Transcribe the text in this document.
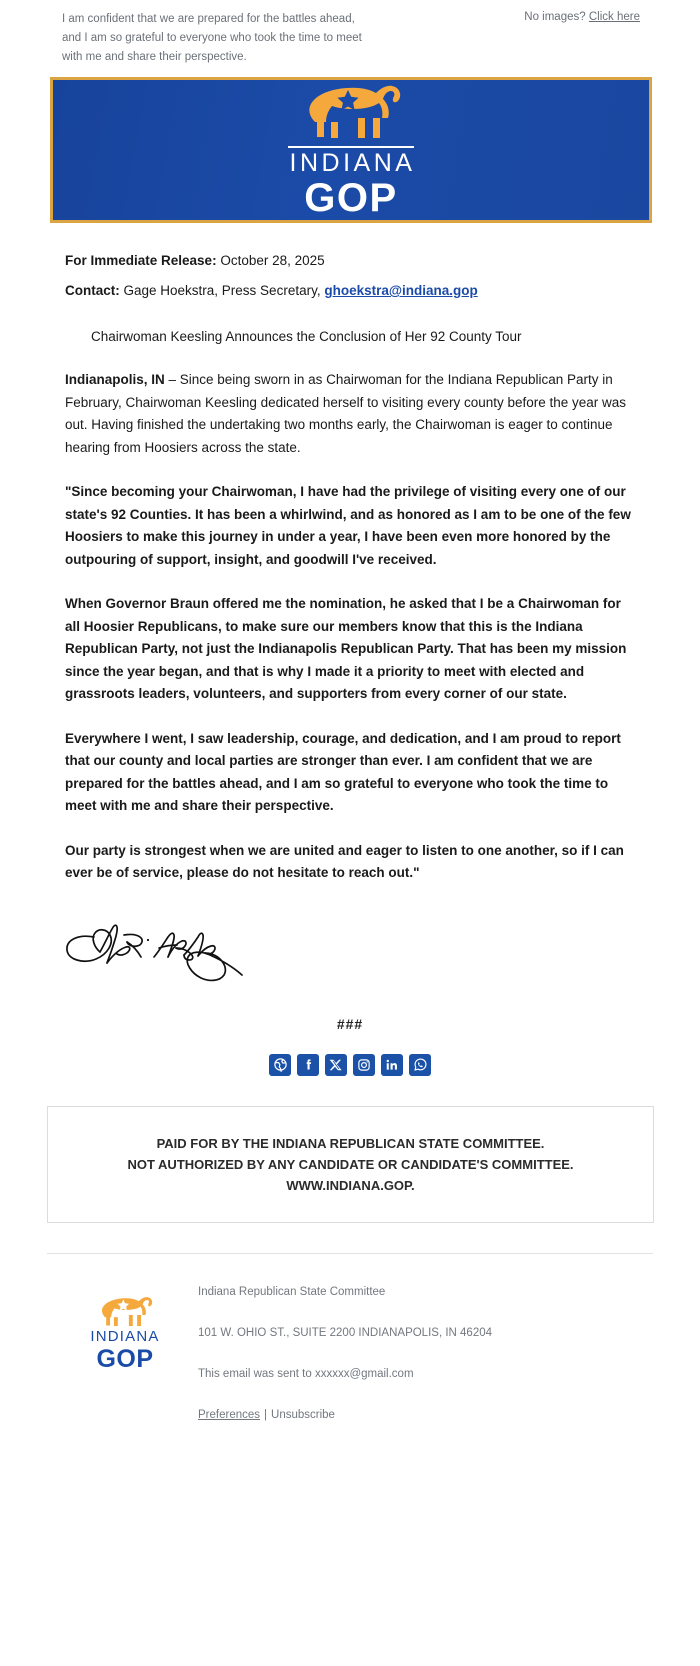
I am confident that we are prepared for the battles ahead, and I am so grateful to everyone who took the time to meet with me and share their perspective.
No images? Click here
INDIANA
GOP

For Immediate Release: October 28, 2025

Contact: Gage Hoekstra, Press Secretary, ghoekstra@indiana.gop

Chairwoman Keesling Announces the Conclusion of Her 92 County Tour

Indianapolis, IN – Since being sworn in as Chairwoman for the Indiana Republican Party in February, Chairwoman Keesling dedicated herself to visiting every county before the year was out. Having finished the undertaking two months early, the Chairwoman is eager to continue hearing from Hoosiers across the state.

"Since becoming your Chairwoman, I have had the privilege of visiting every one of our state's 92 Counties. It has been a whirlwind, and as honored as I am to be one of the few Hoosiers to make this journey in under a year, I have been even more honored by the outpouring of support, insight, and goodwill I've received.

When Governor Braun offered me the nomination, he asked that I be a Chairwoman for all Hoosier Republicans, to make sure our members know that this is the Indiana Republican Party, not just the Indianapolis Republican Party. That has been my mission since the year began, and that is why I made it a priority to meet with elected and grassroots leaders, volunteers, and supporters from every corner of our state.

Everywhere I went, I saw leadership, courage, and dedication, and I am proud to report that our county and local parties are stronger than ever. I am confident that we are prepared for the battles ahead, and I am so grateful to everyone who took the time to meet with me and share their perspective.

Our party is strongest when we are united and eager to listen to one another, so if I can ever be of service, please do not hesitate to reach out."

###
PAID FOR BY THE INDIANA REPUBLICAN STATE COMMITTEE.
NOT AUTHORIZED BY ANY CANDIDATE OR CANDIDATE'S COMMITTEE.
WWW.INDIANA.GOP.
INDIANA
GOP
Indiana Republican State Committee
101 W. OHIO ST., SUITE 2200 INDIANAPOLIS, IN 46204
This email was sent to xxxxxx@gmail.com
Preferences | Unsubscribe
